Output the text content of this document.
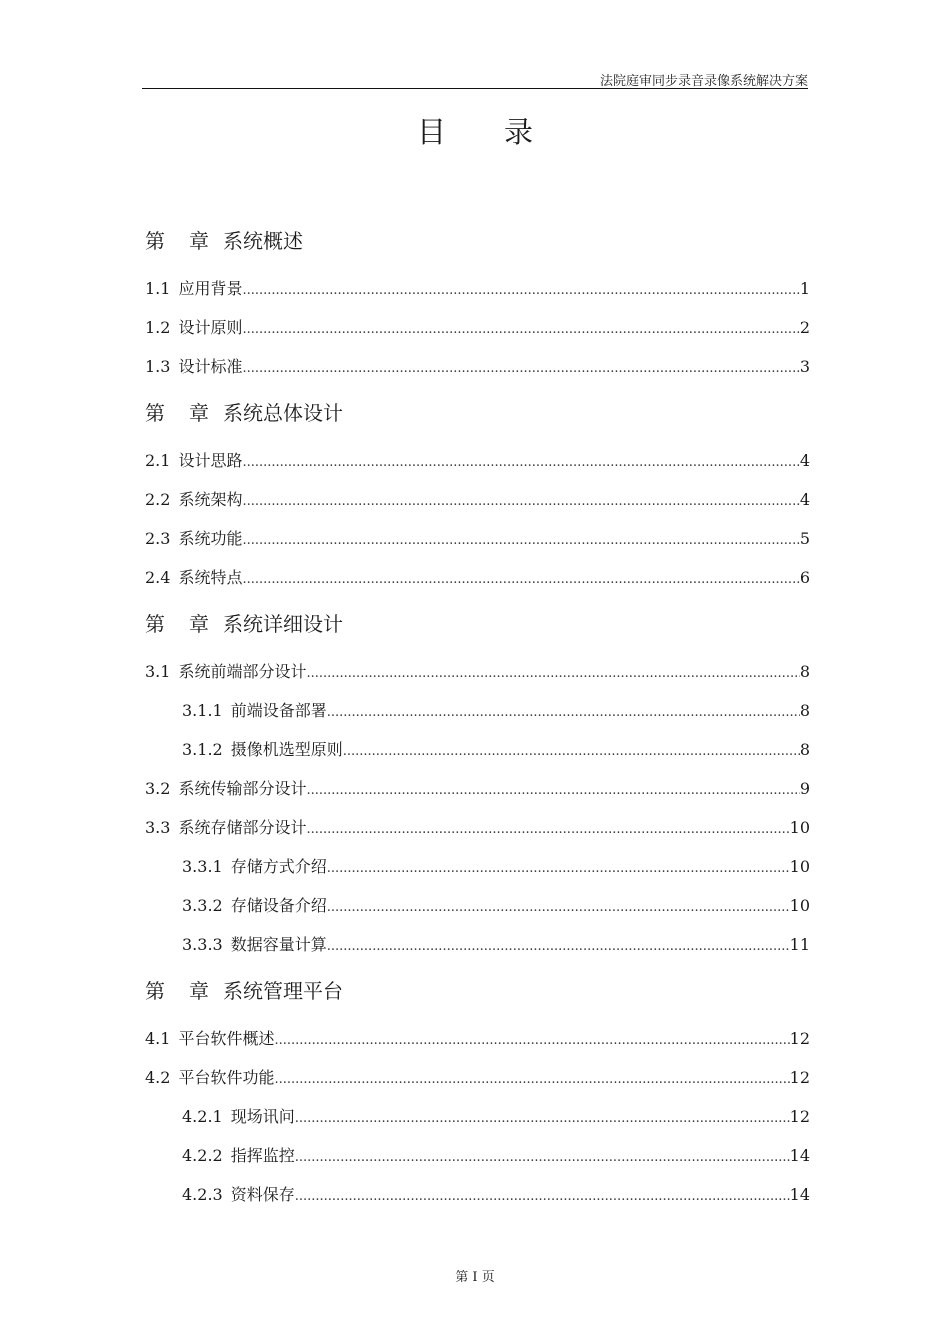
法院庭审同步录音录像系统解决方案
目录
第 章 系统概述
1.1 应用背景 .....	1
1.2 设计原则 .....	2
1.3 设计标准 .....	3
第 章 系统总体设计
2.1 设计思路 .....	4
2.2 系统架构 .....	4
2.3 系统功能 .....	5
2.4 系统特点 .....	6
第 章 系统详细设计
3.1 系统前端部分设计 .....	8
3.1.1 前端设备部署 .....	8
3.1.2 摄像机选型原则 .....	8
3.2 系统传输部分设计 .....	9
3.3 系统存储部分设计 .....	10
3.3.1 存储方式介绍 .....	10
3.3.2 存储设备介绍 .....	10
3.3.3 数据容量计算 .....	11
第 章 系统管理平台
4.1 平台软件概述 .....	12
4.2 平台软件功能 .....	12
4.2.1 现场讯问 .....	12
4.2.2 指挥监控 .....	14
4.2.3 资料保存 .....	14
第 I 页
